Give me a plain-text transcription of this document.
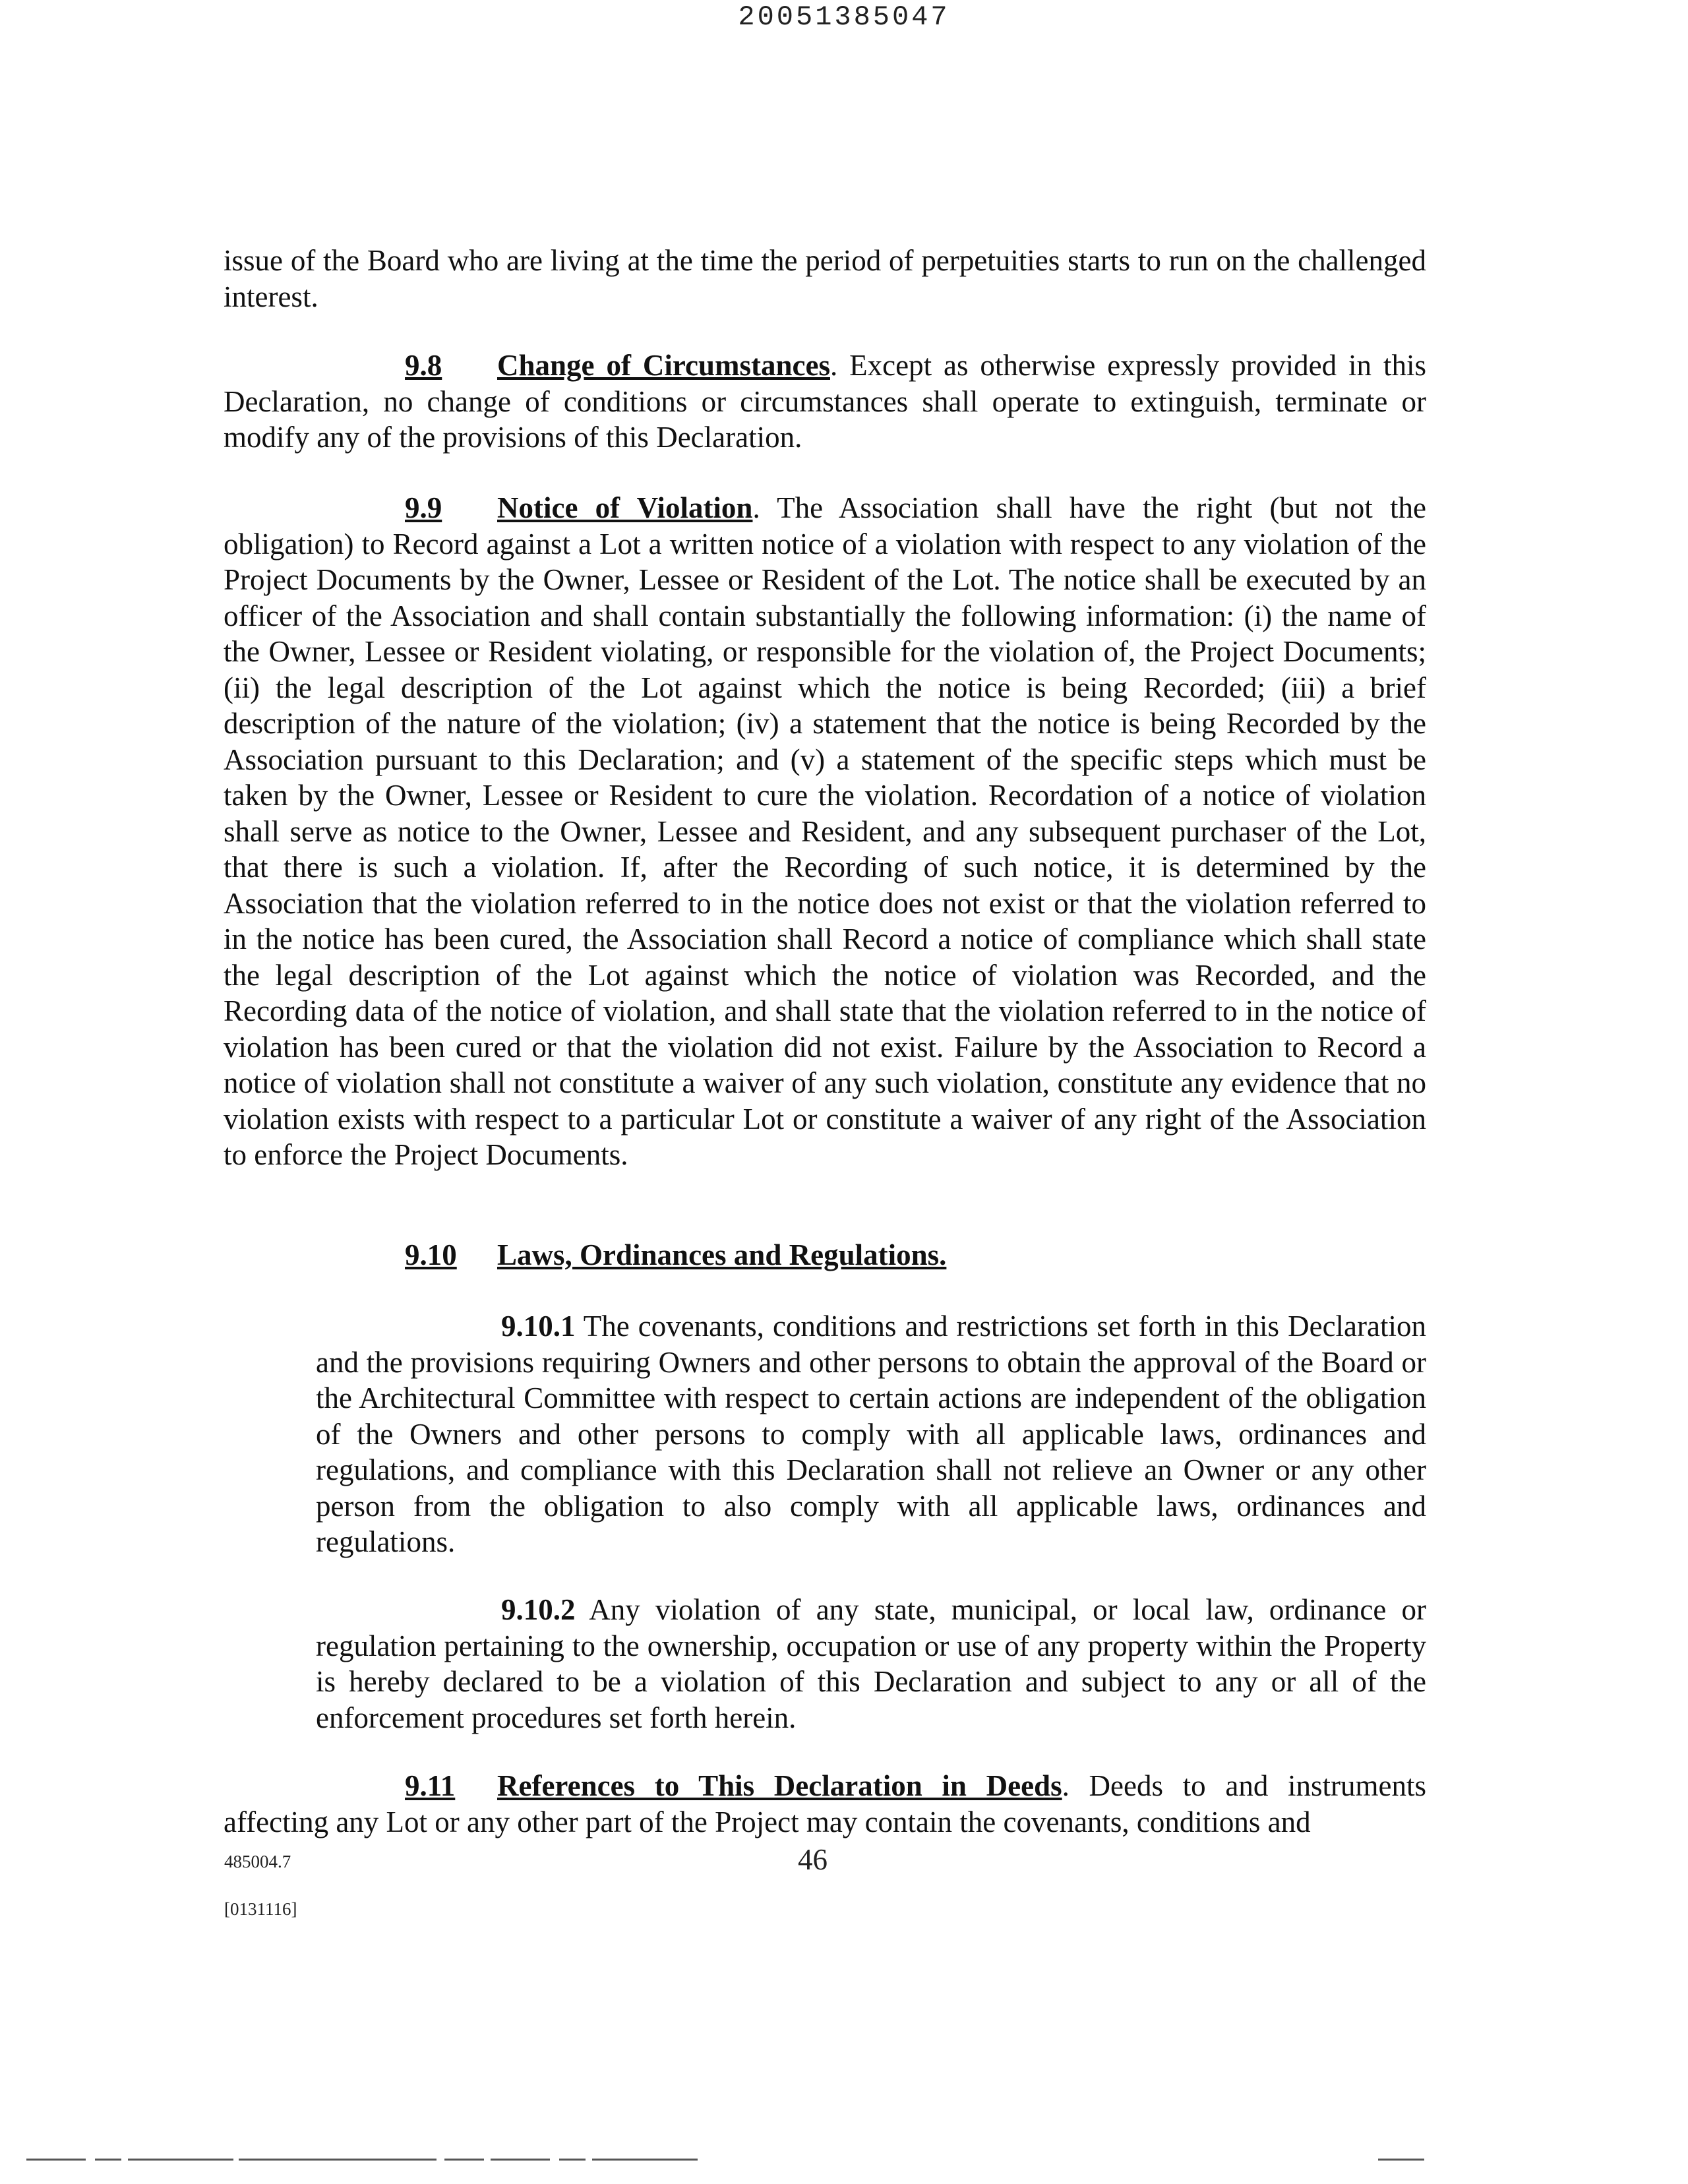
20051385047

issue of the Board who are living at the time the period of perpetuities starts to run on the challenged interest.

9.8 Change of Circumstances. Except as otherwise expressly provided in this Declaration, no change of conditions or circumstances shall operate to extinguish, terminate or modify any of the provisions of this Declaration.

9.9 Notice of Violation. The Association shall have the right (but not the obligation) to Record against a Lot a written notice of a violation with respect to any violation of the Project Documents by the Owner, Lessee or Resident of the Lot. The notice shall be executed by an officer of the Association and shall contain substantially the following information: (i) the name of the Owner, Lessee or Resident violating, or responsible for the violation of, the Project Documents; (ii) the legal description of the Lot against which the notice is being Recorded; (iii) a brief description of the nature of the violation; (iv) a statement that the notice is being Recorded by the Association pursuant to this Declaration; and (v) a statement of the specific steps which must be taken by the Owner, Lessee or Resident to cure the violation. Recordation of a notice of violation shall serve as notice to the Owner, Lessee and Resident, and any subsequent purchaser of the Lot, that there is such a violation. If, after the Recording of such notice, it is determined by the Association that the violation referred to in the notice does not exist or that the violation referred to in the notice has been cured, the Association shall Record a notice of compliance which shall state the legal description of the Lot against which the notice of violation was Recorded, and the Recording data of the notice of violation, and shall state that the violation referred to in the notice of violation has been cured or that the violation did not exist. Failure by the Association to Record a notice of violation shall not constitute a waiver of any such violation, constitute any evidence that no violation exists with respect to a particular Lot or constitute a waiver of any right of the Association to enforce the Project Documents.

9.10 Laws, Ordinances and Regulations.

9.10.1 The covenants, conditions and restrictions set forth in this Declaration and the provisions requiring Owners and other persons to obtain the approval of the Board or the Architectural Committee with respect to certain actions are independent of the obligation of the Owners and other persons to comply with all applicable laws, ordinances and regulations, and compliance with this Declaration shall not relieve an Owner or any other person from the obligation to also comply with all applicable laws, ordinances and regulations.

9.10.2 Any violation of any state, municipal, or local law, ordinance or regulation pertaining to the ownership, occupation or use of any property within the Property is hereby declared to be a violation of this Declaration and subject to any or all of the enforcement procedures set forth herein.

9.11 References to This Declaration in Deeds. Deeds to and instruments affecting any Lot or any other part of the Project may contain the covenants, conditions and

485004.7	46
[0131116]
